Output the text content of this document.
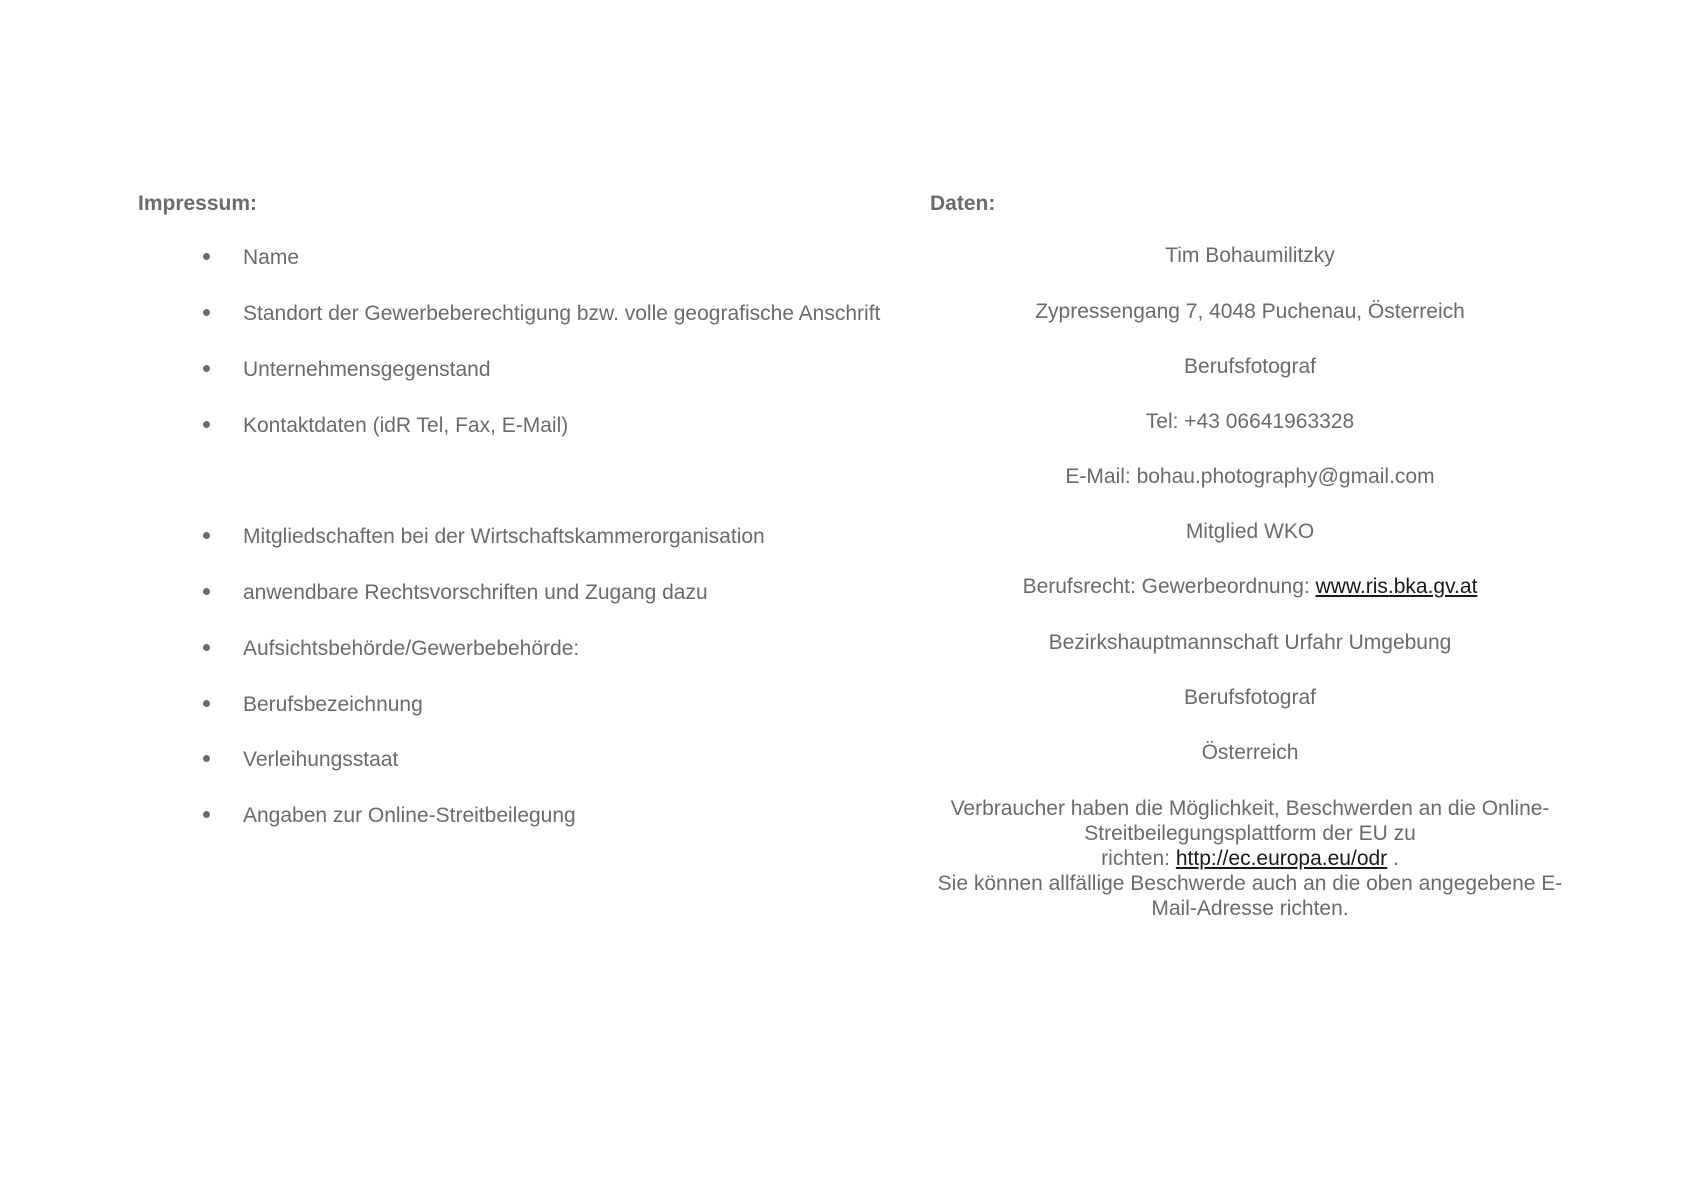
Impressum:	Daten:
Name
Standort der Gewerbeberechtigung bzw. volle geografische Anschrift
Unternehmensgegenstand
Kontaktdaten (idR Tel, Fax, E-Mail)
Mitgliedschaften bei der Wirtschaftskammerorganisation
anwendbare Rechtsvorschriften und Zugang dazu
Aufsichtsbehörde/Gewerbebehörde:
Berufsbezeichnung
Verleihungsstaat
Angaben zur Online-Streitbeilegung
Tim Bohaumilitzky
Zypressengang 7, 4048 Puchenau, Österreich
Berufsfotograf
Tel: +43 06641963328
E-Mail: bohau.photography@gmail.com
Mitglied WKO
Berufsrecht: Gewerbeordnung: www.ris.bka.gv.at
Bezirkshauptmannschaft Urfahr Umgebung
Berufsfotograf
Österreich
Verbraucher haben die Möglichkeit, Beschwerden an die Online-
Streitbeilegungsplattform der EU zu
richten: http://ec.europa.eu/odr .
Sie können allfällige Beschwerde auch an die oben angegebene E-
Mail-Adresse richten.
